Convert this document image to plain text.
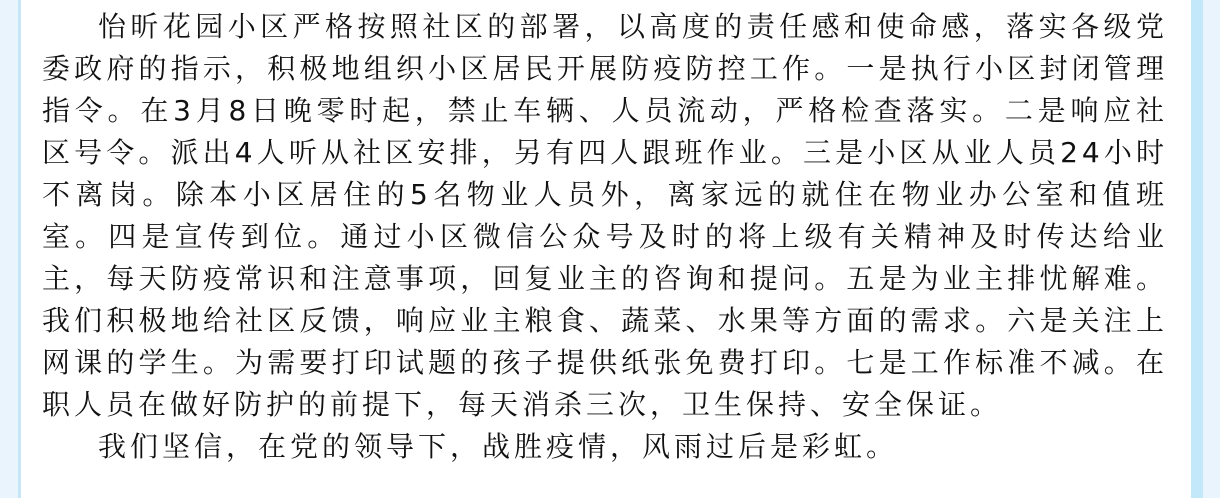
怡昕花园小区严格按照社区的部署，以高度的责任感和使命感，落实各级党委政府的指示，积极地组织小区居民开展防疫防控工作。一是执行小区封闭管理指令。在3月8日晚零时起，禁止车辆、人员流动，严格检查落实。二是响应社区号令。派出4人听从社区安排，另有四人跟班作业。三是小区从业人员24小时不离岗。除本小区居住的5名物业人员外，离家远的就住在物业办公室和值班室。四是宣传到位。通过小区微信公众号及时的将上级有关精神及时传达给业主，每天防疫常识和注意事项，回复业主的咨询和提问。五是为业主排忧解难。我们积极地给社区反馈，响应业主粮食、蔬菜、水果等方面的需求。六是关注上网课的学生。为需要打印试题的孩子提供纸张免费打印。七是工作标准不减。在职人员在做好防护的前提下，每天消杀三次，卫生保持、安全保证。

我们坚信，在党的领导下，战胜疫情，风雨过后是彩虹。
